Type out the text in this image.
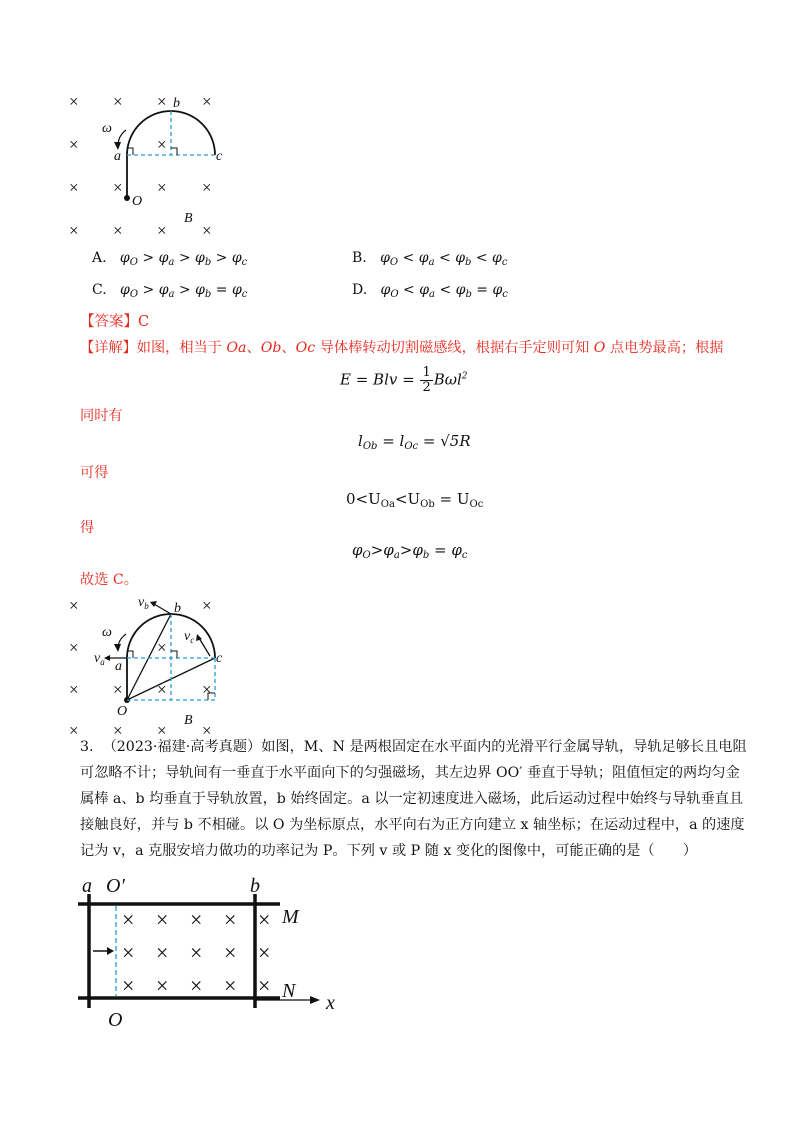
× × × ×
×	×
× × × ×
× × × ×
b
ω
a	c
O
B
A. $\varphi_O > \varphi_a > \varphi_b > \varphi_c$	B. $\varphi_O < \varphi_a < \varphi_b < \varphi_c$
C. $\varphi_O > \varphi_a > \varphi_b = \varphi_c$	D. $\varphi_O < \varphi_a < \varphi_b = \varphi_c$
【答案】C
【详解】如图，相当于 Oa、Ob、Oc 导体棒转动切割磁感线，根据右手定则可知 O 点电势最高；根据
E = Blv = $\frac{1}{2} B\omega l^2$
同时有
$l_{Ob} = l_{Oc} = √5R$
可得
$0<U_{Oa}<U_{Ob} = U_{Oc}$
得
$\varphi_O>\varphi_a>\varphi_b = \varphi_c$
故选 C。
×	×
×	×
× × × ×
× × × ×
$v_b$ b
ω	$v_c$
$v_a$ a
c
O
B
3. （2023·福建·高考真题）如图，M、N 是两根固定在水平面内的光滑平行金属导轨，导轨足够长且电阻
可忽略不计；导轨间有一垂直于水平面向下的匀强磁场，其左边界 OO′ 垂直于导轨；阻值恒定的两均匀金
属棒 a、b 均垂直于导轨放置，b 始终固定。a 以一定初速度进入磁场，此后运动过程中始终与导轨垂直且
接触良好，并与 b 不相碰。以 O 为坐标原点，水平向右为正方向建立 x 轴坐标；在运动过程中，a 的速度
记为 v，a 克服安培力做功的功率记为 P。下列 v 或 P 随 x 变化的图像中，可能正确的是（　　）
× × × × ×
× × × × ×
× × × × ×
a O′	b
M
N
x
O
